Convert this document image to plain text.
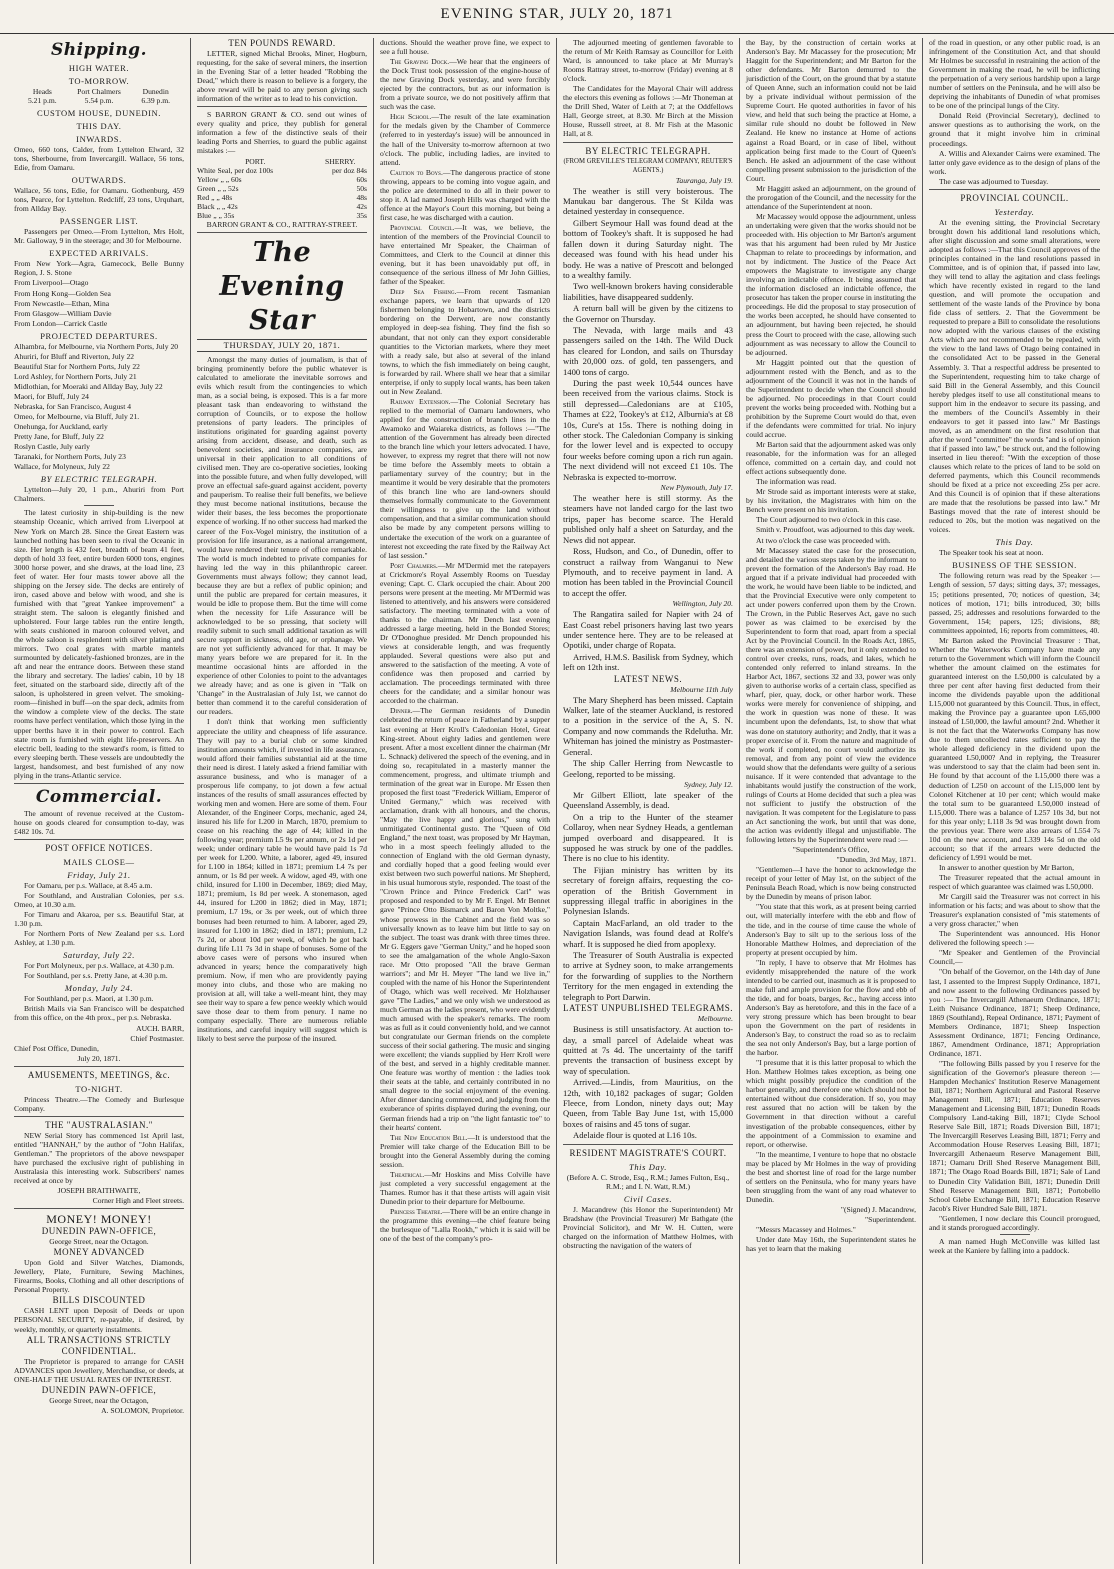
EVENING STAR, JULY 20, 1871
Shipping.
HIGH WATER.
TO-MORROW.
Heads
5.21 p.m.
Port Chalmers
5.54 p.m.
Dunedin
6.39 p.m.
CUSTOM HOUSE, DUNEDIN.
THIS DAY.
INWARDS.

Omeo, 660 tons, Calder, from Lyttelton Elward, 32 tons, Sherbourne, from Invercargill. Wallace, 56 tons, Edie, from Oamaru.

OUTWARDS.

Wallace, 56 tons, Edie, for Oamaru. Gothenburg, 459 tons, Pearce, for Lyttelton. Redcliff, 23 tons, Urquhart, from Allday Bay.

PASSENGER LIST.

Passengers per Omeo.—From Lyttelton, Mrs Holt, Mr. Galloway, 9 in the steerage; and 30 for Melbourne.

EXPECTED ARRIVALS.

From New York—Agra, Gamecock, Belle Bunny Region, J. S. Stone

From Liverpool—Otago

From Hong Kong—Golden Sea

From Newcastle—Ethan, Mina

From Glasgow—William Davie

From London—Carrick Castle

PROJECTED DEPARTURES.

Alhambra, for Melbourne, via Northern Ports, July 20

Ahuriri, for Bluff and Riverton, July 22

Beautiful Star for Northern Ports, July 22

Lord Ashley, for Northern Ports, July 21

Midlothian, for Moeraki and Allday Bay, July 22

Maori, for Bluff, July 24

Nebraska, for San Francisco, August 4

Omeo, for Melbourne, via Bluff, July 21.

Onehunga, for Auckland, early

Pretty Jane, for Bluff, July 22

Roslyn Castle, July early

Taranaki, for Northern Ports, July 23

Wallace, for Molyneux, July 22

BY ELECTRIC TELEGRAPH.

Lyttelton—July 20, 1 p.m., Ahuriri from Port Chalmers.

The latest curiosity in ship-building is the new steamship Oceanic, which arrived from Liverpool at New York on March 28. Since the Great Eastern was launched nothing has been seen to rival the Oceanic in size. Her length is 432 feet, breadth of beam 41 feet, depth of hold 33 feet, entire burden 6000 tons, engines 3000 horse power, and she draws, at the load line, 23 feet of water. Her four masts tower above all the shipping on the Jersey side. The decks are entirely of iron, cased above and below with wood, and she is furnished with that "great Yankee improvement" a straight stem. The saloon is elegantly finished and upholstered. Four large tables run the entire length, with seats cushioned in maroon coloured velvet, and the whole saloon is resplendent with silver plating and mirrors. Two coal grates with marble mantels surmounted by delicately-fashioned bronzes, are in the aft and near the entrance doors. Between these stand the library and secretary. The ladies' cabin, 10 by 18 feet, situated on the starboard side, directly aft of the saloon, is upholstered in green velvet. The smoking-room—finished in buff—on the spar deck, admits from the window a complete view of the decks. The state rooms have perfect ventilation, which those lying in the upper berths have it in their power to control. Each state room is furnished with eight life-preservers. An electric bell, leading to the steward's room, is fitted to every sleeping berth. These vessels are undoubtedly the largest, handsomest, and best furnished of any now plying in the trans-Atlantic service.

Commercial.

The amount of revenue received at the Custom-house on goods cleared for consumption to-day, was £482 10s. 7d.

POST OFFICE NOTICES.
MAILS CLOSE—
Friday, July 21.

For Oamaru, per p.s. Wallace, at 8.45 a.m.

For Southland, and Australian Colonies, per s.s. Omeo, at 10.30 a.m.

For Timaru and Akaroa, per s.s. Beautiful Star, at 1.30 p.m.

For Northern Ports of New Zealand per s.s. Lord Ashley, at 1.30 p.m.

Saturday, July 22.

For Port Molyneux, per p.s. Wallace, at 4.30 p.m.

For Southland, per s.s. Pretty Jane, at 4.30 p.m.

Monday, July 24.

For Southland, per p.s. Maori, at 1.30 p.m.

British Mails via San Francisco will be despatched from this office, on the 4th prox., per p.s. Nebraska.

AUCH. BARR,

Chief Postmaster.

Chief Post Office, Dunedin,

July 20, 1871.

AMUSEMENTS, MEETINGS, &c.
TO-NIGHT.

Princess Theatre.—The Comedy and Burlesque Company.

THE "AUSTRALASIAN."

NEW Serial Story has commenced 1st April last, entitled "HANNAH," by the author of "John Halifax, Gentleman." The proprietors of the above newspaper have purchased the exclusive right of publishing in Australasia this interesting work. Subscribers' names received at once by

JOSEPH BRAITHWAITE,

Corner High and Fleet streets.

MONEY! MONEY!
DUNEDIN PAWN-OFFICE,

George Street, near the Octagon.

MONEY ADVANCED

Upon Gold and Silver Watches, Diamonds, Jewellery, Plate, Furniture, Sewing Machines, Firearms, Books, Clothing and all other descriptions of Personal Property.

BILLS DISCOUNTED

CASH LENT upon Deposit of Deeds or upon PERSONAL SECURITY, re-payable, if desired, by weekly, monthly, or quarterly instalments.

ALL TRANSACTIONS STRICTLY CONFIDENTIAL.

The Proprietor is prepared to arrange for CASH ADVANCES upon Jewellery, Merchandise, or deeds, at ONE-HALF THE USUAL RATES OF INTEREST.

DUNEDIN PAWN-OFFICE,

George Street, near the Octagon,

A. SOLOMON, Proprietor.

TEN POUNDS REWARD.

LETTER, signed Michal Brooks, Miner, Hogburn, requesting, for the sake of several miners, the insertion in the Evening Star of a letter headed "Robbing the Dead," which there is reason to believe is a forgery, the above reward will be paid to any person giving such information of the writer as to lead to his conviction.

S BARRON GRANT & CO. send out wines of every quality and price, they publish for general information a few of the distinctive seals of their leading Ports and Sherries, to guard the public against mistakes :—

PORT.	SHERRY.
White Seal, per doz 100s	per doz 84s
Yellow „ „ 60s	60s
Green „ „ 52s	50s
Red „ „ 48s	48s
Black „ „ 42s	42s
Blue „ „ 35s	35s

BARRON GRANT & CO., RATTRAY-STREET.

The Evening Star
THURSDAY, JULY 20, 1871.

Amongst the many duties of journalism, is that of bringing prominently before the public whatever is calculated to ameliorate the inevitable sorrows and evils which result from the contingencies to which man, as a social being, is exposed. This is a far more pleasant task than endeavoring to withstand the corruption of Councils, or to expose the hollow pretensions of party leaders. The principles of institutions originated for guarding against poverty arising from accident, disease, and death, such as benevolent societies, and insurance companies, are universal in their application to all conditions of civilised men. They are co-operative societies, looking into the possible future, and when fully developed, will prove an effectual safe-guard against accident, poverty and pauperism. To realise their full benefits, we believe they must become national institutions, because the wider their bases, the less becomes the proportionate expence of working. If no other success had marked the career of the Fox-Vogel ministry, the institution of a provision for life insurance, as a national arrangement, would have rendered their tenure of office remarkable. The world is much indebted to private companies for having led the way in this philanthropic career. Governments must always follow; they cannot lead, because they are but a reflex of public opinion; and until the public are prepared for certain measures, it would be idle to propose them. But the time will come when the necessity for Life Assurance will be acknowledged to be so pressing, that society will readily submit to such small additional taxation as will secure support in sickness, old age, or orphanage. We are not yet sufficiently advanced for that. It may be many years before we are prepared for it. In the meantime occasional hints are afforded in the experience of other Colonies to point to the advantages we already have; and as one is given in "Talk on 'Change" in the Australasian of July 1st, we cannot do better than commend it to the careful consideration of our readers.

I don't think that working men sufficiently appreciate the utility and cheapness of life assurance. They will pay to a burial club or some kindred institution amounts which, if invested in life assurance, would afford their families substantial aid at the time their need is direst. I lately asked a friend familiar with assurance business, and who is manager of a prosperous life company, to jot down a few actual instances of the results of small assurances effected by working men and women. Here are some of them. Four Alexander, of the Engineer Corps, mechanic, aged 24, insured his life for L200 in March, 1870, premium to cease on his reaching the age of 44; killed in the following year; premium L5 9s per annum, or 2s 1d per week; under ordinary table he would have paid 1s 7d per week for L200. White, a laborer, aged 49, insured for L100 in 1864; killed in 1871; premium L4 7s per annum, or 1s 8d per week. A widow, aged 49, with one child, insured for L100 in December, 1869; died May, 1871; premium, 1s 8d per week. A stonemason, aged 44, insured for L200 in 1862; died in May, 1871; premium, L7 19s, or 3s per week, out of which three bonuses had been returned to him. A laborer, aged 29, insured for L100 in 1862; died in 1871; premium, L2 7s 2d, or about 10d per week, of which he got back during life L11 7s 3d in shape of bonuses. Some of the above cases were of persons who insured when advanced in years; hence the comparatively high premium. Now, if men who are providently paying money into clubs, and those who are making no provision at all, will take a well-meant hint, they may see their way to spare a few pence weekly which would save those dear to them from penury. I name no company especially. There are numerous reliable institutions, and careful inquiry will suggest which is likely to best serve the purpose of the insured.

ductions. Should the weather prove fine, we expect to see a full house.

The Graving Dock.—We hear that the engineers of the Dock Trust took possession of the engine-house of the new Graving Dock yesterday, and were forcibly ejected by the contractors, but as our information is from a private source, we do not positively affirm that such was the case.

High School.—The result of the late examination for the medals given by the Chamber of Commerce (referred to in yesterday's issue) will be announced in the hall of the University to-morrow afternoon at two o'clock. The public, including ladies, are invited to attend.

Caution to Boys.—The dangerous practice of stone throwing, appears to be coming into vogue again, and the police are determined to do all in their power to stop it. A lad named Joseph Hills was charged with the offence at the Mayor's Court this morning, but being a first case, he was discharged with a caution.

Provincial Council.—It was, we believe, the intention of the members of the Provincial Council to have entertained Mr Speaker, the Chairman of Committees, and Clerk to the Council at dinner this evening, but it has been unavoidably put off, in consequence of the serious illness of Mr John Gillies, father of the Speaker.

Deep Sea Fishing.—From recent Tasmanian exchange papers, we learn that upwards of 120 fishermen belonging to Hobartown, and the districts bordering on the Derwent, are now constantly employed in deep-sea fishing. They find the fish so abundant, that not only can they export considerable quantities to the Victorian markets, where they meet with a ready sale, but also at several of the inland towns, to which the fish immediately on being caught, is forwarded by rail. Where shall we hear that a similar enterprise, if only to supply local wants, has been taken out in New Zealand.

Railway Extension.—The Colonial Secretary has replied to the memorial of Oamaru landowners, who applied for the construction of branch lines in the Awamoko and Waiareka districts, as follows :—"The attention of the Government has already been directed to the branch line which your letters advocated. I have, however, to express my regret that there will not now be time before the Assembly meets to obtain a parliamentary survey of the country; but in the meantime it would be very desirable that the promoters of this branch line who are land-owners should themselves formally communicate to the Government their willingness to give up the land without compensation, and that a similar communication should also be made by any competent persons willing to undertake the execution of the work on a guarantee of interest not exceeding the rate fixed by the Railway Act of last session."

Port Chalmers.—Mr M'Dermid met the ratepayers at Crickmore's Royal Assembly Rooms on Tuesday evening; Capt. C. Clark occupied the chair. About 200 persons were present at the meeting. Mr M'Dermid was listened to attentively, and his answers were considered satisfactory. The meeting terminated with a vote of thanks to the chairman. Mr Dench last evening addressed a large meeting, held in the Bonded Stores; Dr O'Donoghue presided. Mr Dench propounded his views at considerable length, and was frequently applauded. Several questions were also put and answered to the satisfaction of the meeting. A vote of confidence was then proposed and carried by acclamation. The proceedings terminated with three cheers for the candidate; and a similar honour was accorded to the chairman.

Dinner.—The German residents of Dunedin celebrated the return of peace in Fatherland by a supper last evening at Herr Kroll's Caledonian Hotel, Great King-street. About eighty ladies and gentlemen were present. After a most excellent dinner the chairman (Mr L. Schnack) delivered the speech of the evening, and in doing so, recapitulated in a masterly manner the commencement, progress, and ultimate triumph and termination of the great war in Europe. Mr Essen then proposed the first toast "Frederick William, Emperor of United Germany," which was received with acclamation, drank with all honours, and the chorus, "May the live happy and glorious," sung with unmitigated Continental gusto. The "Queen of Old England," the next toast, was proposed by Mr Hayman, who in a most speech feelingly alluded to the connection of England with the old German dynasty, and cordially hoped that a good feeling would ever exist between two such powerful nations. Mr Shepherd, in his usual humorous style, responded. The toast of the "Crown Prince and Prince Frederick Carl" was proposed and responded to by Mr F. Engel. Mr Bennet gave "Prince Otto Bismarck and Baron Von Moltke," whose prowess in the Cabinet and the field was so universally known as to leave him but little to say on the subject. The toast was drank with three times three. Mr G. Eggers gave "German Unity," and he hoped soon to see the amalgamation of the whole Anglo-Saxon race. Mr Otto proposed "All the brave German warriors"; and Mr H. Meyer "The land we live in," coupled with the name of his Honor the Superintendent of Otago, which was well received. Mr Holzhauser gave "The Ladies," and we only wish we understood as much German as the ladies present, who were evidently much amused with the speaker's remarks. The room was as full as it could conveniently hold, and we cannot but congratulate our German friends on the complete success of their social gathering. The music and singing were excellent; the viands supplied by Herr Kroll were of the best, and served in a highly creditable manner. One feature was worthy of mention : the ladies took their seats at the table, and certainly contributed in no small degree to the social enjoyment of the evening. After dinner dancing commenced, and judging from the exuberance of spirits displayed during the evening, our German friends had a trip on "the light fantastic toe" to their hearts' content.

The New Education Bill.—It is understood that the Premier will take charge of the Education Bill to be brought into the General Assembly during the coming session.

Theatrical.—Mr Hoskins and Miss Colville have just completed a very successful engagement at the Thames. Rumor has it that these artists will again visit Dunedin prior to their departure for Melbourne.

Princess Theatre.—There will be an entire change in the programme this evening—the chief feature being the burlesque of "Lalla Rookh," which it is said will be one of the best of the company's pro-

The adjourned meeting of gentlemen favorable to the return of Mr Keith Ramsay as Councillor for Leith Ward, is announced to take place at Mr Murray's Rooms Rattray street, to-morrow (Friday) evening at 8 o'clock.

The Candidates for the Mayoral Chair will address the electors this evening as follows :—Mr Thoneman at the Drill Shed, Water of Leith at 7; at the Oddfellows Hall, George street, at 8.30. Mr Birch at the Mission House, Russell street, at 8. Mr Fish at the Masonic Hall, at 8.

BY ELECTRIC TELEGRAPH.

(FROM GREVILLE'S TELEGRAM COMPANY, REUTER'S AGENTS.)

Tauranga, July 19.

The weather is still very boisterous. The Manukau bar dangerous. The St Kilda was detained yesterday in consequence.

Gilbert Seymour Hall was found dead at the bottom of Tookey's shaft. It is supposed he had fallen down it during Saturday night. The deceased was found with his head under his body. He was a native of Prescott and belonged to a wealthy family.

Two well-known brokers having considerable liabilities, have disappeared suddenly.

A return ball will be given by the citizens to the Governor on Thursday.

The Nevada, with large mails and 43 passengers sailed on the 14th. The Wild Duck has cleared for London, and sails on Thursday with 20,000 ozs. of gold, ten passengers, and 1400 tons of cargo.

During the past week 10,544 ounces have been received from the various claims. Stock is still depressed—Caledonians are at £105, Thames at £22, Tookey's at £12, Alburnia's at £8 10s, Cure's at 15s. There is nothing doing in other stock. The Caledonian Company is sinking for the lower level and is expected to occupy four weeks before coming upon a rich run again. The next dividend will not exceed £1 10s. The Nebraska is expected to-morrow.

New Plymouth, July 17.

The weather here is still stormy. As the steamers have not landed cargo for the last two trips, paper has become scarce. The Herald published only half a sheet on Saturday, and the News did not appear.

Ross, Hudson, and Co., of Dunedin, offer to construct a railway from Wanganui to New Plymouth, and to receive payment in land. A motion has been tabled in the Provincial Council to accept the offer.

Wellington, July 20.

The Rangatira sailed for Napier with 24 of East Coast rebel prisoners having last two years under sentence here. They are to be released at Opotiki, under charge of Ropata.

Arrived, H.M.S. Basilisk from Sydney, which left on 12th inst.

LATEST NEWS.

Melbourne 11th July

The Mary Shepherd has been missed. Captain Walker, late of the steamer Auckland, is restored to a position in the service of the A, S. N. Company and now commands the Rdelutha. Mr. Whiteman has joined the ministry as Postmaster-General.

The ship Caller Herring from Newcastle to Geelong, reported to be missing.

Sydney, July 12.

Mr Gilbert Elliott, late speaker of the Queensland Assembly, is dead.

On a trip to the Hunter of the steamer Collaroy, when near Sydney Heads, a gentleman jumped overboard and disappeared. It is supposed he was struck by one of the paddles. There is no clue to his identity.

The Fijian ministry has written by its secretary of foreign affairs, requesting the co-operation of the British Government in suppressing illegal traffic in aborigines in the Polynesian Islands.

Captain MacFarland, an old trader to the Navigation Islands, was found dead at Rolfe's wharf. It is supposed he died from apoplexy.

The Treasurer of South Australia is expected to arrive at Sydney soon, to make arrangements for the forwarding of supplies to the Northern Territory for the men engaged in extending the telegraph to Port Darwin.

LATEST UNPUBLISHED TELEGRAMS.

Melbourne.

Business is still unsatisfactory. At auction to-day, a small parcel of Adelaide wheat was quitted at 7s 4d. The uncertainty of the tariff prevents the transaction of business except by way of speculation.

Arrived.—Lindis, from Mauritius, on the 12th, with 10,182 packages of sugar; Golden Fleece, from London, ninety days out; May Queen, from Table Bay June 1st, with 15,000 boxes of raisins and 45 tons of sugar.

Adelaide flour is quoted at L16 10s.

RESIDENT MAGISTRATE'S COURT.
This Day.

(Before A. C. Strode, Esq., R.M.; James Fulton, Esq., R.M.; and I. N. Watt, R.M.)

Civil Cases.

J. Macandrew (his Honor the Superintendent) Mr Bradshaw (the Provincial Treasurer) Mr Bathgate (the Provincial Solicitor), and Mr W. H. Cutten, were charged on the information of Matthew Holmes, with obstructing the navigation of the waters of

the Bay, by the construction of certain works at Anderson's Bay. Mr Macassey for the prosecution; Mr Haggitt for the Superintendent; and Mr Barton for the other defendants. Mr Barton demurred to the jurisdiction of the Court, on the ground that by a statute of Queen Anne, such an information could not be laid by a private individual without permission of the Supreme Court. He quoted authorities in favor of his view, and held that such being the practice at Home, a similar rule should no doubt be followed in New Zealand. He knew no instance at Home of actions against a Road Board, or in case of libel, without application being first made to the Court of Queen's Bench. He asked an adjournment of the case without compelling present submission to the jurisdiction of the Court.

Mr Haggitt asked an adjournment, on the ground of the prorogation of the Council, and the necessity for the attendance of the Superintendent at noon.

Mr Macassey would oppose the adjournment, unless an undertaking were given that the works should not be proceeded with. His objection to Mr Barton's argument was that his argument had been ruled by Mr Justice Chapman to relate to proceedings by information, and not by indictment. The Justice of the Peace Act empowers the Magistrate to investigate any charge involving an indictable offence. It being assumed that the information disclosed an indictable offence, the prosecutor has taken the proper course in instituting the proceedings. He did the proposal to stay prosecution of the works been accepted, he should have consented to an adjournment, but having been rejected, he should press the Court to proceed with the case, allowing such adjournment as was necessary to allow the Council to be adjourned.

Mr Haggitt pointed out that the question of adjournment rested with the Bench, and as to the adjournment of the Council it was not in the hands of the Superintendent to decide when the Council should be adjourned. No proceedings in that Court could prevent the works being proceeded with. Nothing but a prohibition by the Supreme Court would do that, even if the defendants were committed for trial. No injury could accrue.

Mr Barton said that the adjournment asked was only reasonable, for the information was for an alleged offence, committed on a certain day, and could not effect actions subsequently done.

The information was read.

Mr Strode said as important interests were at stake, by his invitation, the Magistrates with him on the Bench were present on his invitation.

The Court adjourned to two o'clock in this case.

Smith v. Proudfoot, was adjourned to this day week.

At two o'clock the case was proceeded with.

Mr Macassey stated the case for the prosecution, and detailed the various steps taken by the informant to prevent the formation of the Anderson's Bay road. He argued that if a private individual had proceeded with the work, he would have been liable to be indicted, and that the Provincial Executive were only competent to act under powers conferred upon them by the Crown. The Crown, in the Public Reserves Act, gave no such power as was claimed to be exercised by the Superintendent to form that road, apart from a special Act by the Provincial Council. In the Roads Act, 1865, there was an extension of power, but it only extended to control over creeks, runs, roads, and lakes, which he contended only referred to inland streams. In the Harbor Act, 1867, sections 32 and 33, power was only given to authorise works of a certain class, specified as wharf, pier, quay, dock, or other harbor work. These works were merely for convenience of shipping, and the work in question was none of these. It was incumbent upon the defendants, 1st, to show that what was done on statutory authority; and 2ndly, that it was a proper exercise of it. From the nature and magnitude of the work if completed, no court would authorize its removal, and from any point of view the evidence would show that the defendants were guilty of a serious nuisance. If it were contended that advantage to the inhabitants would justify the construction of the work, rulings of Courts at Home decided that such a plea was not sufficient to justify the obstruction of the navigation. It was competent for the Legislature to pass an Act sanctioning the work, but until that was done, the action was evidently illegal and unjustifiable. The following letters by the Superintendent were read :—

"Superintendent's Office,

"Dunedin, 3rd May, 1871.

"Gentlemen—I have the honor to acknowledge the receipt of your letter of May 1st, on the subject of the Peninsula Beach Road, which is now being constructed by the Dunedin by means of prison labor.

"You state that this work, as at present being carried out, will materially interfere with the ebb and flow of the tide, and in the course of time cause the whole of Anderson's Bay to silt up to the serious loss of the Honorable Matthew Holmes, and depreciation of the property at present occupied by him.

"In reply, I have to observe that Mr Holmes has evidently misapprehended the nature of the work intended to be carried out, inasmuch as it is proposed to make full and ample provision for the flow and ebb of the tide, and for boats, barges, &c., having access into Anderson's Bay as heretofore, and this in the face of a very strong pressure which has been brought to bear upon the Government on the part of residents in Anderson's Bay, to construct the road so as to reclaim the sea not only Anderson's Bay, but a large portion of the harbor.

"I presume that it is this latter proposal to which the Hon. Matthew Holmes takes exception, as being one which might possibly prejudice the condition of the harbor generally, and therefore one which should not be entertained without due consideration. If so, you may rest assured that no action will be taken by the Government in that direction without a careful investigation of the probable consequences, either by the appointment of a Commission to examine and report, or otherwise.

"In the meantime, I venture to hope that no obstacle may be placed by Mr Holmes in the way of providing the best and shortest line of road for the large number of settlers on the Peninsula, who for many years have been struggling from the want of any road whatever to Dunedin.

"(Signed) J. Macandrew,

"Superintendent.

"Messrs Macassey and Holmes."

Under date May 16th, the Superintendent states he has yet to learn that the making

of the road in question, or any other public road, is an infringement of the Constitution Act, and that should Mr Holmes be successful in restraining the action of the Government in making the road, he will be inflicting the perpetuation of a very serious hardship upon a large number of settlers on the Peninsula, and he will also be depriving the inhabitants of Dunedin of what promises to be one of the principal lungs of the City.

Donald Reid (Provincial Secretary), declined to answer questions as to authorising the work, on the ground that it might involve him in criminal proceedings.

A. Willis and Alexander Cairns were examined. The latter only gave evidence as to the design of plans of the work.

The case was adjourned to Tuesday.

PROVINCIAL COUNCIL.
Yesterday.

At the evening sitting, the Provincial Secretary brought down his additional land resolutions which, after slight discussion and some small alterations, were adopted as follows :—That this Council approves of the principles contained in the land resolutions passed in Committee, and is of opinion that, if passed into law, they will tend to allay the agitation and class feelings which have recently existed in regard to the land question, and will promote the occupation and settlement of the waste lands of the Province by bona fide class of settlers. 2. That the Government be requested to prepare a Bill to consolidate the resolutions now adopted with the various clauses of the existing Acts which are not recommended to be repealed, with the view to the land laws of Otago being contained in the consolidated Act to be passed in the General Assembly. 3. That a respectful address be presented to the Superintendent, requesting him to take charge of said Bill in the General Assembly, and this Council hereby pledges itself to use all constitutional means to support him in the endeavor to secure its passing, and the members of the Council's Assembly in their endeavors to get it passed into law." Mr Bastings moved, as an amendment on the first resolution that after the word "committee" the words "and is of opinion that if passed into law," be struck out, and the following inserted in lieu thereof: "With the exception of those clauses which relate to the prices of land to be sold on deferred payments, which this Council recommends should be fixed at a price not exceeding 25s per acre. And this Council is of opinion that if these alterations are made that the resolutions be passed into law." Mr Bastings moved that the rate of interest should be reduced to 20s, but the motion was negatived on the voices.

This Day.

The Speaker took his seat at noon.

BUSINESS OF THE SESSION.

The following return was read by the Speaker :—Length of session, 57 days; sitting days, 37; messages, 15; petitions presented, 70; notices of question, 34; notices of motion, 171; bills introduced, 30; bills passed, 25; addresses and resolutions forwarded to the Government, 154; papers, 125; divisions, 88; committees appointed, 16; reports from committees, 40.

Mr Barton asked the Provincial Treasurer : That, Whether the Waterworks Company have made any return to the Government which will inform the Council whether the amount claimed on the estimates for guaranteed interest on the L50,000 is calculated by a three per cent after having first deducted from their income the dividends payable upon the additional L15,000 not guaranteed by this Council. Thus, in effect, making the Province pay a guarantee upon L65,000 instead of L50,000, the lawful amount? 2nd. Whether it is not the fact that the Waterworks Company has now due to them uncollected rates sufficient to pay the whole alleged deficiency in the dividend upon the guaranteed L50,000? And in replying, the Treasurer was understood to say that the claim had been sent in. He found by that account of the L15,000 there was a deduction of L250 on account of the L15,000 lent by Colonel Kitchener at 10 per cent; which would make the total sum to be guaranteed L50,000 instead of L15,000. There was a balance of L257 10s 3d, but not for this year only; L118 3s 9d was brought down from the previous year. There were also arrears of L554 7s 10d on the new account, and L339 14s 5d on the old account; so that if the arrears were deducted the deficiency of L991 would be met.

In answer to another question by Mr Barton,

The Treasurer repeated that the actual amount in respect of which guarantee was claimed was L50,000.

Mr Cargill said the Treasurer was not correct in his information or his facts; and was about to show that the Treasurer's explanation consisted of "mis statements of a very gross character," when

The Superintendent was announced. His Honor delivered the following speech :—

"Mr Speaker and Gentlemen of the Provincial Council,—

"On behalf of the Governor, on the 14th day of June last, I assented to the Imprest Supply Ordinance, 1871, and now assent to the following Ordinances passed by you :— The Invercargill Athenaeum Ordinance, 1871; Leith Nuisance Ordinance, 1871; Sheep Ordinance, 1869 (Southland), Repeal Ordinance, 1871; Payment of Members Ordinance, 1871; Sheep Inspection Assessment Ordinance, 1871; Fencing Ordinance, 1867, Amendment Ordinance, 1871; Appropriation Ordinance, 1871.

"The following Bills passed by you I reserve for the signification of the Governor's pleasure thereon :—Hampden Mechanics' Institution Reserve Management Bill, 1871; Northern Agricultural and Pastoral Reserve Management Bill, 1871; Education Reserves Management and Licensing Bill, 1871; Dunedin Roads Compulsory Land-taking Bill, 1871; Clyde School Reserve Sale Bill, 1871; Roads Diversion Bill, 1871; The Invercargill Reserves Leasing Bill, 1871; Ferry and Accommodation House Reserves Leasing Bill, 1871; Invercargill Athenaeum Reserve Management Bill, 1871; Oamaru Drill Shed Reserve Management Bill, 1871; The Otago Road Boards Bill, 1871; Sale of Land to Dunedin City Validation Bill, 1871; Dunedin Drill Shed Reserve Management Bill, 1871; Portobello School Glebe Exchange Bill, 1871; Education Reserve Jacob's River Hundred Sale Bill, 1871.

"Gentlemen, I now declare this Council prorogued, and it stands prorogued accordingly.

A man named Hugh McConville was killed last week at the Kaniere by falling into a paddock.
